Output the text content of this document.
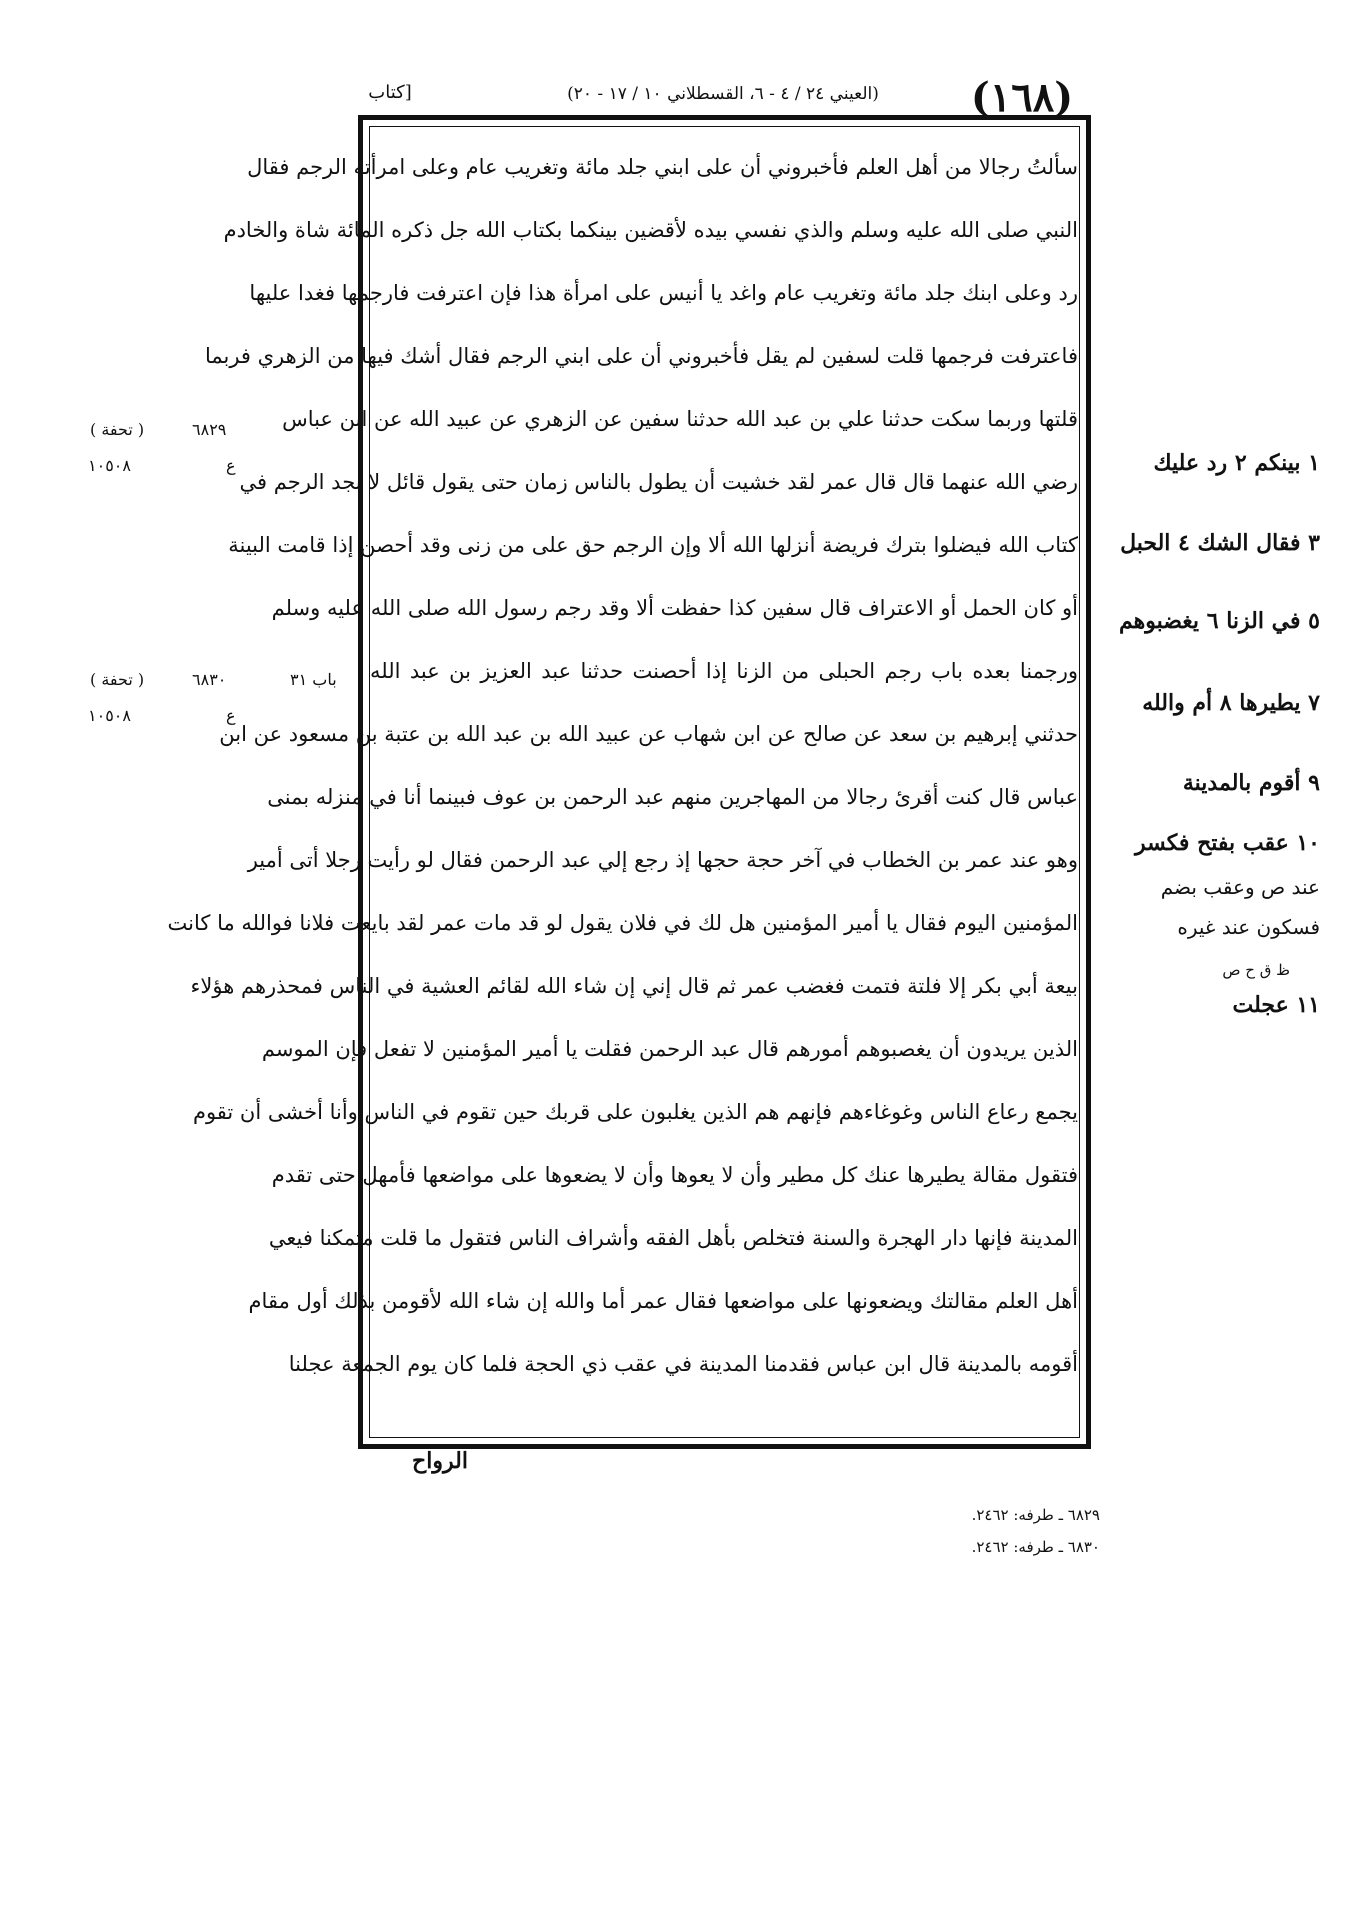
(١٦٨)
(العيني ٢٤ / ٤ - ٦، القسطلاني ١٠ / ١٧ - ٢٠)
[كتاب
سألتُ رجالا من أهل العلم فأخبروني أن على ابني جلد مائة وتغريب عام وعلى امرأته الرجم فقال
النبي صلى الله عليه وسلم والذي نفسي بيده لأقضين بينكما بكتاب الله جل ذكره المائة شاة والخادم
رد وعلى ابنك جلد مائة وتغريب عام واغد يا أنيس على امرأة هذا فإن اعترفت فارجمها فغدا عليها
فاعترفت فرجمها قلت لسفين لم يقل فأخبروني أن على ابني الرجم فقال أشك فيها من الزهري فربما
قلتها وربما سكت حدثنا علي بن عبد الله حدثنا سفين عن الزهري عن عبيد الله عن ابن عباس
رضي الله عنهما قال قال عمر لقد خشيت أن يطول بالناس زمان حتى يقول قائل لا نجد الرجم في
كتاب الله فيضلوا بترك فريضة أنزلها الله ألا وإن الرجم حق على من زنى وقد أحصن إذا قامت البينة
أو كان الحمل أو الاعتراف قال سفين كذا حفظت ألا وقد رجم رسول الله صلى الله عليه وسلم
ورجمنا بعده باب رجم الحبلى من الزنا إذا أحصنت حدثنا عبد العزيز بن عبد الله
حدثني إبرهيم بن سعد عن صالح عن ابن شهاب عن عبيد الله بن عبد الله بن عتبة بن مسعود عن ابن
عباس قال كنت أقرئ رجالا من المهاجرين منهم عبد الرحمن بن عوف فبينما أنا في منزله بمنى
وهو عند عمر بن الخطاب في آخر حجة حجها إذ رجع إلي عبد الرحمن فقال لو رأيت رجلا أتى أمير
المؤمنين اليوم فقال يا أمير المؤمنين هل لك في فلان يقول لو قد مات عمر لقد بايعت فلانا فوالله ما كانت
بيعة أبي بكر إلا فلتة فتمت فغضب عمر ثم قال إني إن شاء الله لقائم العشية في الناس فمحذرهم هؤلاء
الذين يريدون أن يغصبوهم أمورهم قال عبد الرحمن فقلت يا أمير المؤمنين لا تفعل فإن الموسم
يجمع رعاع الناس وغوغاءهم فإنهم هم الذين يغلبون على قربك حين تقوم في الناس وأنا أخشى أن تقوم
فتقول مقالة يطيرها عنك كل مطير وأن لا يعوها وأن لا يضعوها على مواضعها فأمهل حتى تقدم
المدينة فإنها دار الهجرة والسنة فتخلص بأهل الفقه وأشراف الناس فتقول ما قلت متمكنا فيعي
أهل العلم مقالتك ويضعونها على مواضعها فقال عمر أما والله إن شاء الله لأقومن بذلك أول مقام
أقومه بالمدينة قال ابن عباس فقدمنا المدينة في عقب ذي الحجة فلما كان يوم الجمعة عجلنا
( تحفة )	٦٨٢٩
ع
١٠٥٠٨
باب ٣١
( تحفة )	٦٨٣٠
ع
١٠٥٠٨
١ بينكم ٢ رد عليك
٣ فقال الشك ٤ الحبل
٥ في الزنا ٦ يغضبوهم
٧ يطيرها ٨ أم والله
٩ أقوم بالمدينة
١٠ عقب بفتح فكسر
عند ص وعقب بضم
فسكون عند غيره
ظ ق ح ص
١١ عجلت
الرواح
٦٨٢٩ ـ طرفه: ٢٤٦٢.
٦٨٣٠ ـ طرفه: ٢٤٦٢.
